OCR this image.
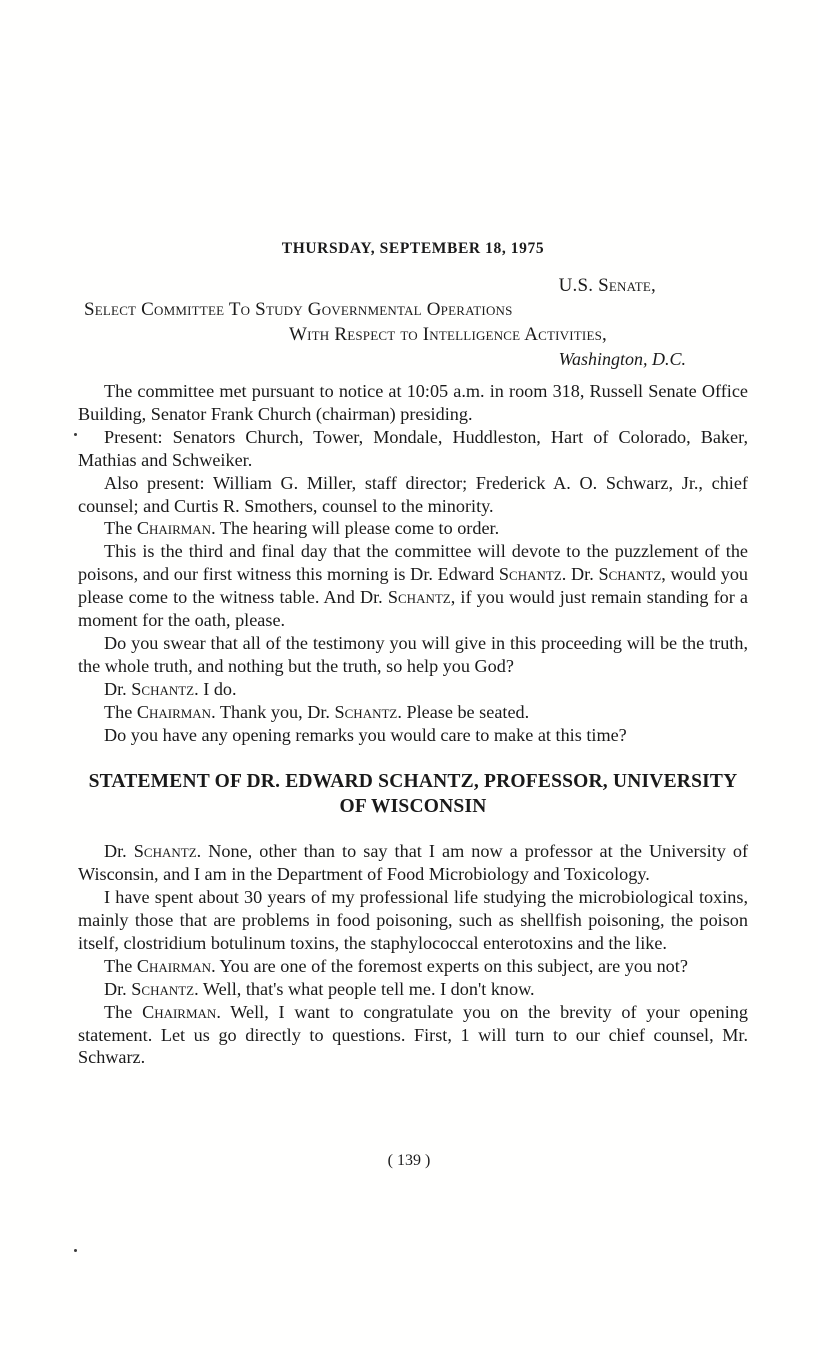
THURSDAY, SEPTEMBER 18, 1975
U.S. Senate,
Select Committee To Study Governmental Operations
With Respect to Intelligence Activities,
Washington, D.C.

The committee met pursuant to notice at 10:05 a.m. in room 318, Russell Senate Office Building, Senator Frank Church (chairman) presiding.

Present: Senators Church, Tower, Mondale, Huddleston, Hart of Colorado, Baker, Mathias and Schweiker.

Also present: William G. Miller, staff director; Frederick A. O. Schwarz, Jr., chief counsel; and Curtis R. Smothers, counsel to the minority.

The Chairman. The hearing will please come to order.

This is the third and final day that the committee will devote to the puzzlement of the poisons, and our first witness this morning is Dr. Edward Schantz. Dr. Schantz, would you please come to the witness table. And Dr. Schantz, if you would just remain standing for a moment for the oath, please.

Do you swear that all of the testimony you will give in this proceeding will be the truth, the whole truth, and nothing but the truth, so help you God?

Dr. Schantz. I do.

The Chairman. Thank you, Dr. Schantz. Please be seated.

Do you have any opening remarks you would care to make at this time?

STATEMENT OF DR. EDWARD SCHANTZ, PROFESSOR, UNIVERSITY
OF WISCONSIN

Dr. Schantz. None, other than to say that I am now a professor at the University of Wisconsin, and I am in the Department of Food Microbiology and Toxicology.

I have spent about 30 years of my professional life studying the microbiological toxins, mainly those that are problems in food poisoning, such as shellfish poisoning, the poison itself, clostridium botulinum toxins, the staphylococcal enterotoxins and the like.

The Chairman. You are one of the foremost experts on this subject, are you not?

Dr. Schantz. Well, that's what people tell me. I don't know.

The Chairman. Well, I want to congratulate you on the brevity of your opening statement. Let us go directly to questions. First, 1 will turn to our chief counsel, Mr. Schwarz.

( 139 )
